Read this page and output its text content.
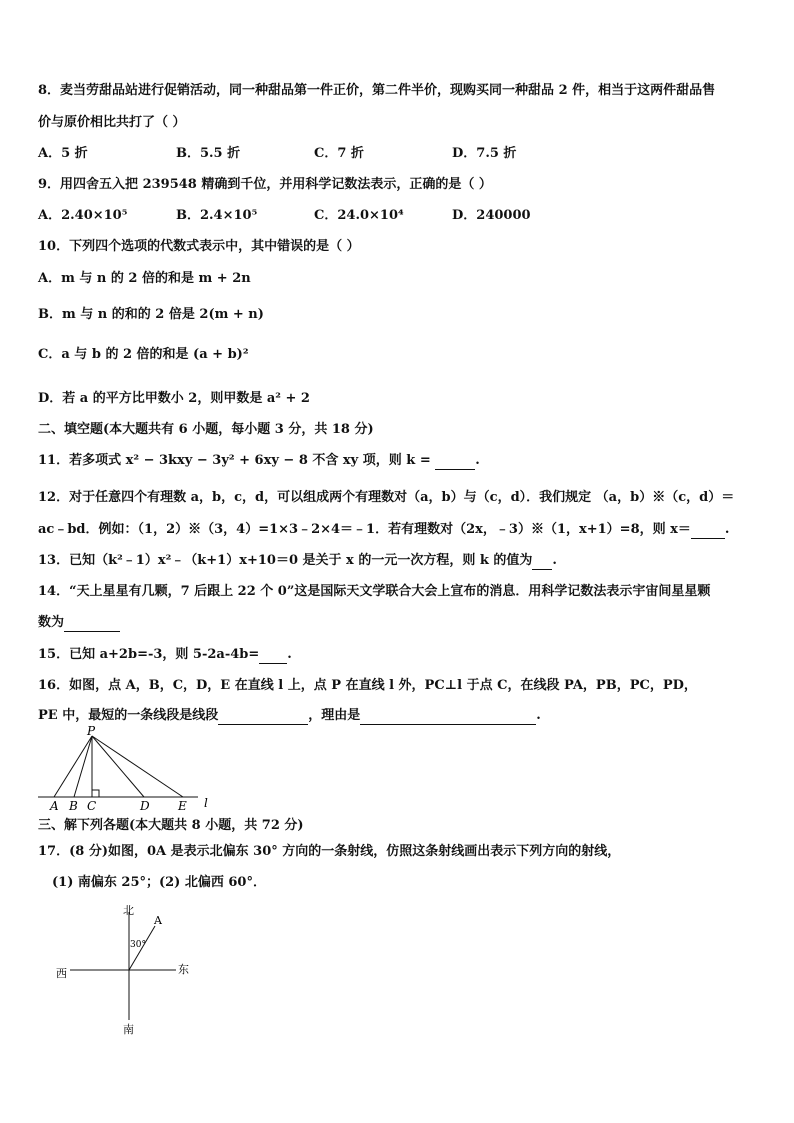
8．麦当劳甜品站进行促销活动，同一种甜品第一件正价，第二件半价，现购买同一种甜品 2 件，相当于这两件甜品售
价与原价相比共打了（ ）
A．5 折	B．5.5 折	C．7 折	D．7.5 折
9．用四舍五入把 239548 精确到千位，并用科学记数法表示，正确的是（ ）
A．2.40×10⁵	B．2.4×10⁵	C．24.0×10⁴	D．240000
10．下列四个选项的代数式表示中，其中错误的是（ ）
A．m 与 n 的 2 倍的和是 m + 2n
B．m 与 n 的和的 2 倍是 2(m + n)
C．a 与 b 的 2 倍的和是 (a + b)²
D．若 a 的平方比甲数小 2，则甲数是 a² + 2
二、填空题(本大题共有 6 小题，每小题 3 分，共 18 分)
11．若多项式 x² − 3kxy − 3y² + 6xy − 8 不含 xy 项，则 k =	.
12．对于任意四个有理数 a，b，c，d，可以组成两个有理数对（a，b）与（c，d）．我们规定 （a，b）※（c，d）＝
ac﹣bd．例如：（1，2）※（3，4）=1×3﹣2×4＝﹣1．若有理数对（2x，﹣3）※（1，x+1）=8，则 x＝	.
13．已知（k²﹣1）x²﹣（k+1）x+10＝0 是关于 x 的一元一次方程，则 k 的值为 .
14．“天上星星有几颗，7 后跟上 22 个 0”这是国际天文学联合大会上宣布的消息．用科学记数法表示宇宙间星星颗
数为
15．已知 a+2b=-3，则 5-2a-4b= .
16．如图，点 A，B，C，D，E 在直线 l 上，点 P 在直线 l 外，PC⊥l 于点 C，在线段 PA，PB，PC，PD，
PE 中，最短的一条线段是线段	，理由是	.
P
A B C	D E l
三、解下列各题(本大题共 8 小题，共 72 分)
17．(8 分)如图，0A 是表示北偏东 30° 方向的一条射线，仿照这条射线画出表示下列方向的射线，
(1) 南偏东 25°；(2) 北偏西 60°．
北
南
西	东
A
30°
